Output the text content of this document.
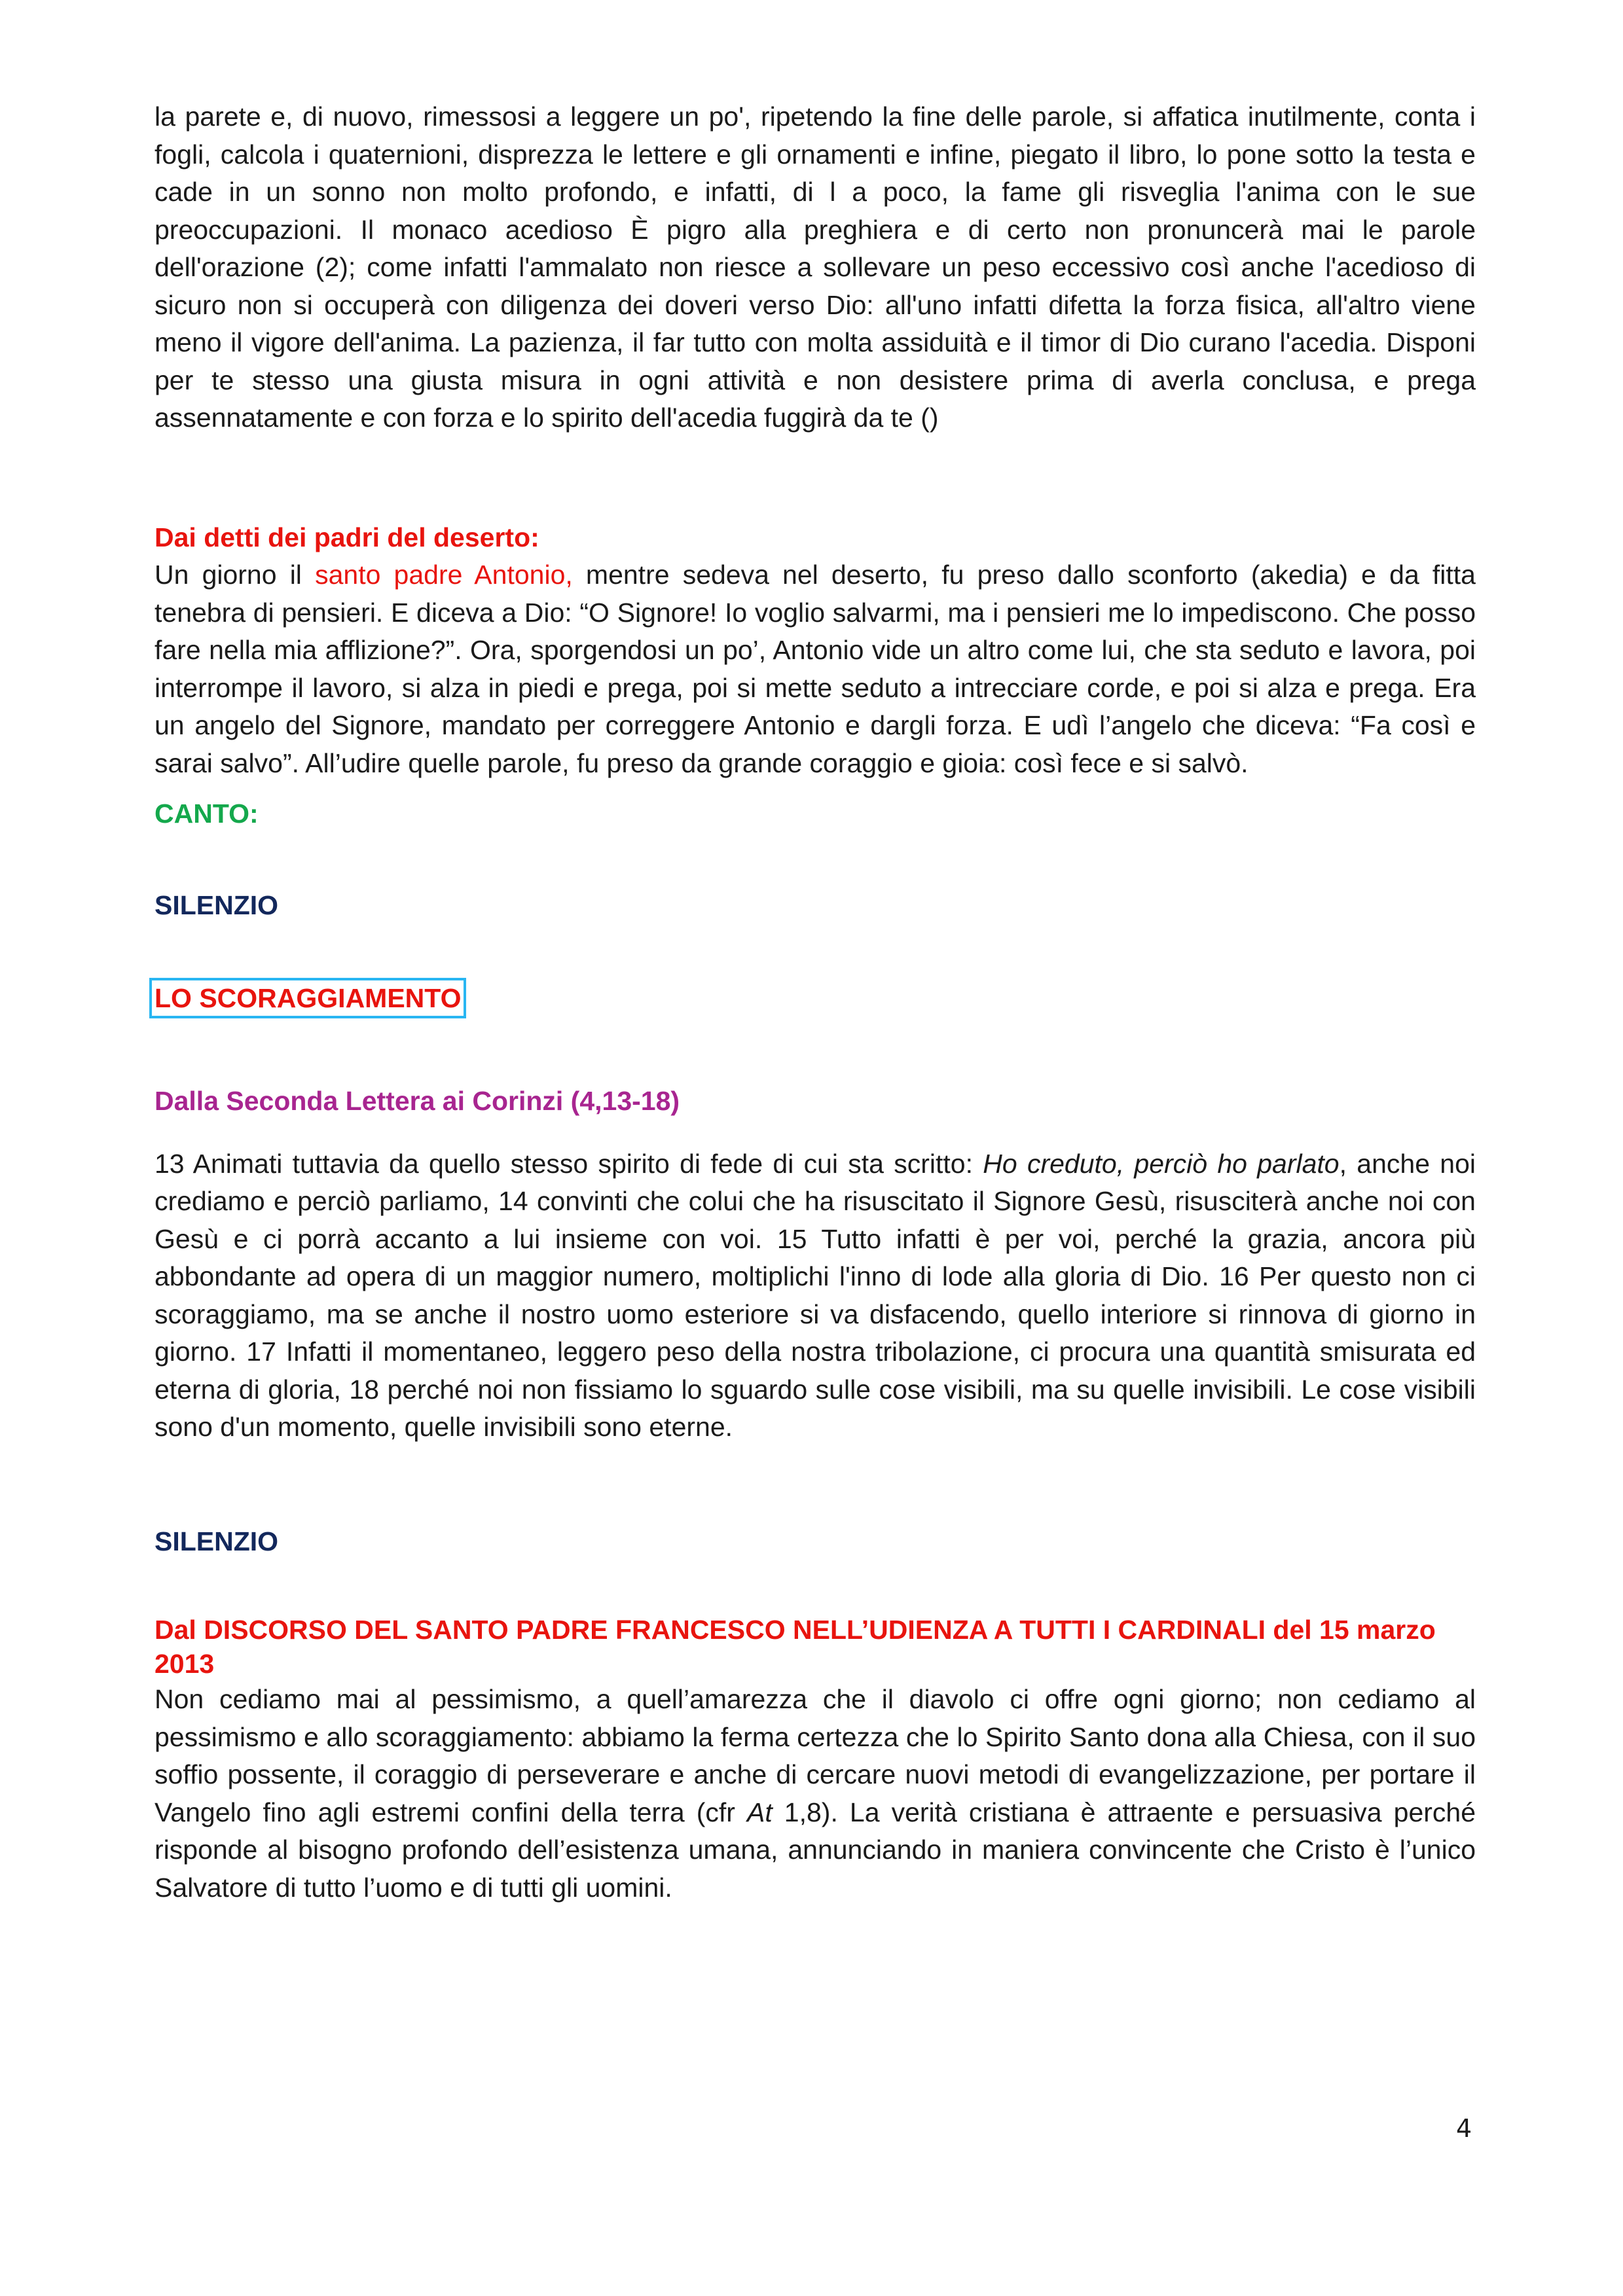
la parete e, di nuovo, rimessosi a leggere un po', ripetendo la fine delle parole, si affatica inutilmente, conta i fogli, calcola i quaternioni, disprezza le lettere e gli ornamenti e infine, piegato il libro, lo pone sotto la testa e cade in un sonno non molto profondo, e infatti, di l a poco, la fame gli risveglia l'anima con le sue preoccupazioni. Il monaco acedioso È pigro alla preghiera e di certo non pronuncerà mai le parole dell'orazione (2); come infatti l'ammalato non riesce a sollevare un peso eccessivo così anche l'acedioso di sicuro non si occuperà con diligenza dei doveri verso Dio: all'uno infatti difetta la forza fisica, all'altro viene meno il vigore dell'anima. La pazienza, il far tutto con molta assiduità e il timor di Dio curano l'acedia. Disponi per te stesso una giusta misura in ogni attività e non desistere prima di averla conclusa, e prega assennatamente e con forza e lo spirito dell'acedia fuggirà da te ()

Dai detti dei padri del deserto:

Un giorno il santo padre Antonio, mentre sedeva nel deserto, fu preso dallo sconforto (akedia) e da fitta tenebra di pensieri. E diceva a Dio: “O Signore! Io voglio salvarmi, ma i pensieri me lo impediscono. Che posso fare nella mia afflizione?”. Ora, sporgendosi un po’, Antonio vide un altro come lui, che sta seduto e lavora, poi interrompe il lavoro, si alza in piedi e prega, poi si mette seduto a intrecciare corde, e poi si alza e prega. Era un angelo del Signore, mandato per correggere Antonio e dargli forza. E udì l’angelo che diceva: “Fa così e sarai salvo”. All’udire quelle parole, fu preso da grande coraggio e gioia: così fece e si salvò.

CANTO:

SILENZIO

LO SCORAGGIAMENTO

Dalla Seconda Lettera ai Corinzi (4,13-18)

13 Animati tuttavia da quello stesso spirito di fede di cui sta scritto: Ho creduto, perciò ho parlato, anche noi crediamo e perciò parliamo, 14 convinti che colui che ha risuscitato il Signore Gesù, risusciterà anche noi con Gesù e ci porrà accanto a lui insieme con voi. 15 Tutto infatti è per voi, perché la grazia, ancora più abbondante ad opera di un maggior numero, moltiplichi l'inno di lode alla gloria di Dio. 16 Per questo non ci scoraggiamo, ma se anche il nostro uomo esteriore si va disfacendo, quello interiore si rinnova di giorno in giorno. 17 Infatti il momentaneo, leggero peso della nostra tribolazione, ci procura una quantità smisurata ed eterna di gloria, 18 perché noi non fissiamo lo sguardo sulle cose visibili, ma su quelle invisibili. Le cose visibili sono d'un momento, quelle invisibili sono eterne.

SILENZIO

Dal DISCORSO DEL SANTO PADRE FRANCESCO NELL’UDIENZA A TUTTI I CARDINALI del 15 marzo 2013

Non cediamo mai al pessimismo, a quell’amarezza che il diavolo ci offre ogni giorno; non cediamo al pessimismo e allo scoraggiamento: abbiamo la ferma certezza che lo Spirito Santo dona alla Chiesa, con il suo soffio possente, il coraggio di perseverare e anche di cercare nuovi metodi di evangelizzazione, per portare il Vangelo fino agli estremi confini della terra (cfr At 1,8). La verità cristiana è attraente e persuasiva perché risponde al bisogno profondo dell’esistenza umana, annunciando in maniera convincente che Cristo è l’unico Salvatore di tutto l’uomo e di tutti gli uomini.

4
